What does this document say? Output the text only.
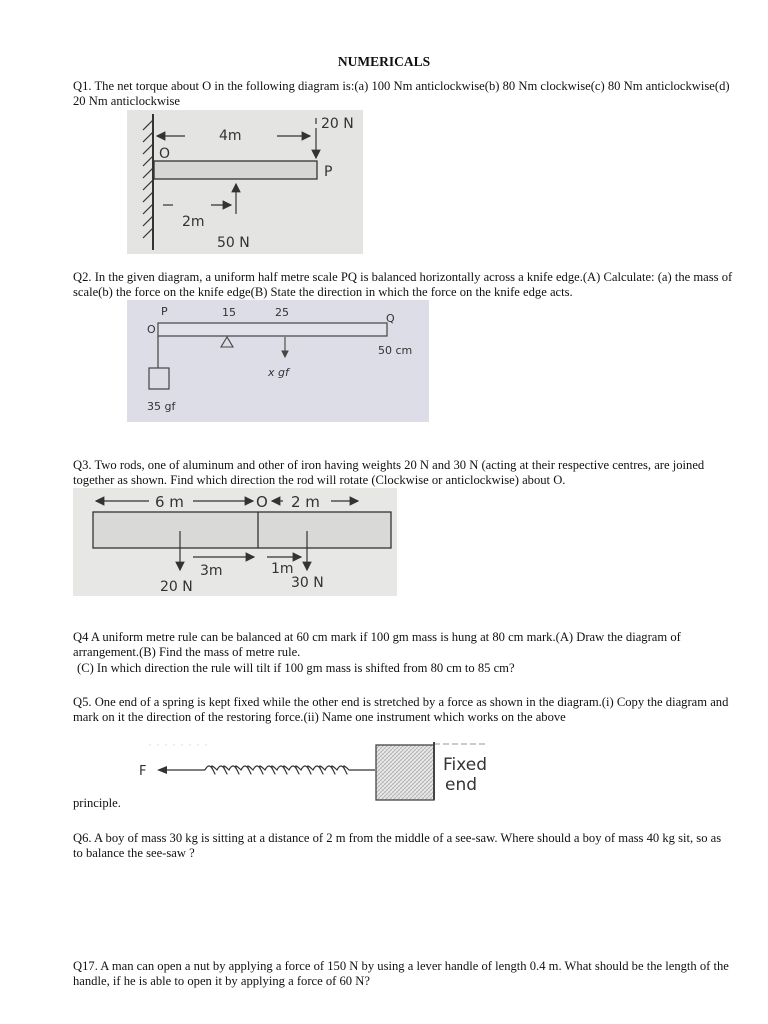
NUMERICALS
Q1. The net torque about O in the following diagram is:(a) 100 Nm anticlockwise(b) 80 Nm clockwise(c) 80 Nm anticlockwise(d) 20 Nm anticlockwise
4m
20 N
O
P
2m
50 N
Q2. In the given diagram, a uniform half metre scale PQ is balanced horizontally across a knife edge.(A) Calculate: (a) the mass of scale(b) the force on the knife edge(B) State the direction in which the force on the knife edge acts.
P
O
15	25	Q
50 cm
x gf
35 gf
Q3. Two rods, one of aluminum and other of iron having weights 20 N and 30 N (acting at their respective centres, are joined together as shown. Find which direction the rod will rotate (Clockwise or anticlockwise) about O.
6 m	O 2 m
3m	1m
20 N	30 N
Q4 A uniform metre rule can be balanced at 60 cm mark if 100 gm mass is hung at 80 cm mark.(A) Draw the diagram of arrangement.(B) Find the mass of metre rule.
(C) In which direction the rule will tilt if 100 gm mass is shifted from 80 cm to 85 cm?
Q5. One end of a spring is kept fixed while the other end is stretched by a force as shown in the diagram.(i) Copy the diagram and mark on it the direction of the restoring force.(ii) Name one instrument which works on the above
F	Fixed
end
principle.
Q6. A boy of mass 30 kg is sitting at a distance of 2 m from the middle of a see-saw. Where should a boy of mass 40 kg sit, so as to balance the see-saw ?
Q17. A man can open a nut by applying a force of 150 N by using a lever handle of length 0.4 m. What should be the length of the handle, if he is able to open it by applying a force of 60 N?
